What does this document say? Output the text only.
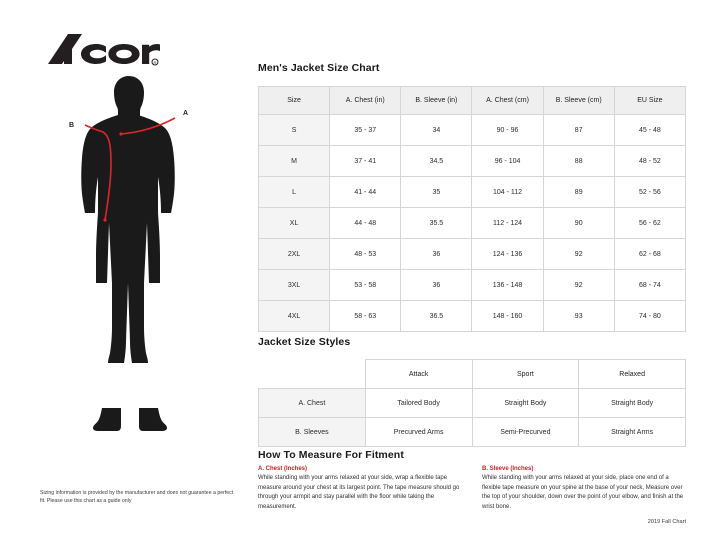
R
A
B
Sizing information is provided by the manufacturer and does not guarantee a perfect fit. Please use this chart as a guide only
Men's Jacket Size Chart
Size	A. Chest (in)	B. Sleeve (in)	A. Chest (cm)	B. Sleeve (cm)	EU Size
S	35 - 37	34	90 - 96	87	45 - 48
M	37 - 41	34.5	96 - 104	88	48 - 52
L	41 - 44	35	104 - 112	89	52 - 56
XL	44 - 48	35.5	112 - 124	90	56 - 62
2XL	48 - 53	36	124 - 136	92	62 - 68
3XL	53 - 58	36	136 - 148	92	68 - 74
4XL	58 - 63	36.5	148 - 160	93	74 - 80
Jacket Size Styles
	Attack	Sport	Relaxed
A. Chest	Tailored Body	Straight Body	Straight Body
B. Sleeves	Precurved Arms	Semi-Precurved	Straight Arms
How To Measure For Fitment
A. Chest (Inches)
While standing with your arms relaxed at your side, wrap a flexible tape measure around your chest at its largest point. The tape measure should go through your armpit and stay parallel with the floor while taking the measurement.
B. Sleeve (Inches)
While standing with your arms relaxed at your side, place one end of a flexible tape measure on your spine at the base of your neck, Measure over the top of your shoulder, down over the point of your elbow, and finish at the wrist bone.
2019 Fall Chart
